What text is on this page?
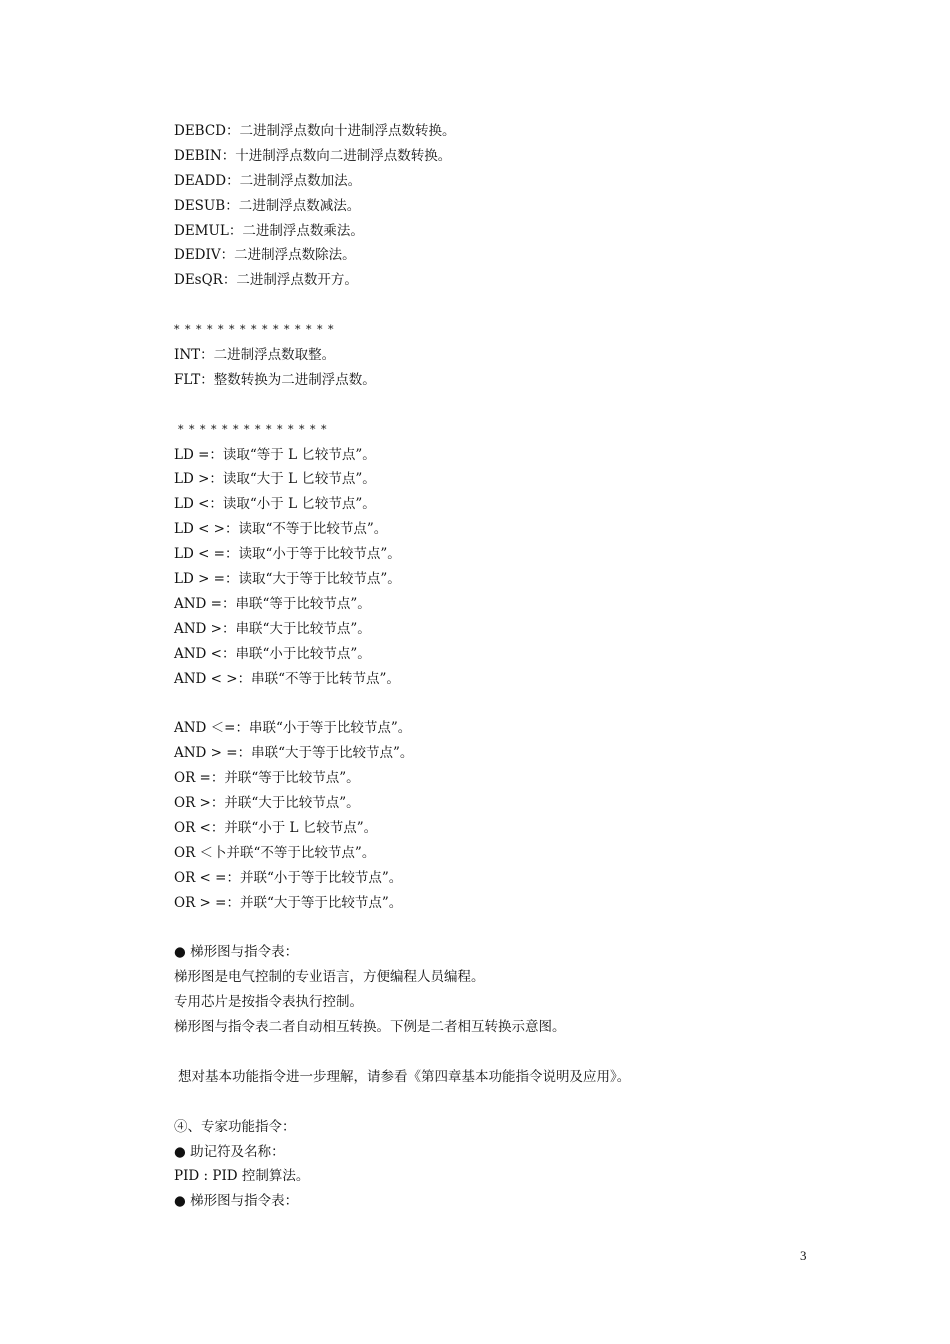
DEBCD：二进制浮点数向十进制浮点数转换。
DEBIN：十进制浮点数向二进制浮点数转换。
DEADD：二进制浮点数加法。
DESUB：二进制浮点数减法。
DEMUL：二进制浮点数乘法。
DEDIV：二进制浮点数除法。
DEsQR：二进制浮点数开方。
* * * * * * * * * * * * * * *
INT：二进制浮点数取整。
FLT：整数转换为二进制浮点数。
* * * * * * * * * * * * * *
LD =：读取“等于 L 匕较节点”。
LD >：读取“大于 L 匕较节点”。
LD <：读取“小于 L 匕较节点”。
LD < >：读取“不等于比较节点”。
LD < =：读取“小于等于比较节点”。
LD > =：读取“大于等于比较节点”。
AND =：串联“等于比较节点”。
AND >：串联“大于比较节点”。
AND <：串联“小于比较节点”。
AND < >：串联“不等于比转节点”。
AND ＜=：串联“小于等于比较节点”。
AND > =：串联“大于等于比较节点”。
OR =：并联“等于比较节点”。
OR >：并联“大于比较节点”。
OR <：并联“小于 L 匕较节点”。
OR ＜卜并联“不等于比较节点”。
OR < =：并联“小于等于比较节点”。
OR > =：并联“大于等于比较节点”。
● 梯形图与指令表：
梯形图是电气控制的专业语言，方便编程人员编程。
专用芯片是按指令表执行控制。
梯形图与指令表二者自动相互转换。下例是二者相互转换示意图。
想对基本功能指令进一步理解，请参看《第四章基本功能指令说明及应用》。
④、专家功能指令：
● 助记符及名称：
PID : PID 控制算法。
● 梯形图与指令表：
3
